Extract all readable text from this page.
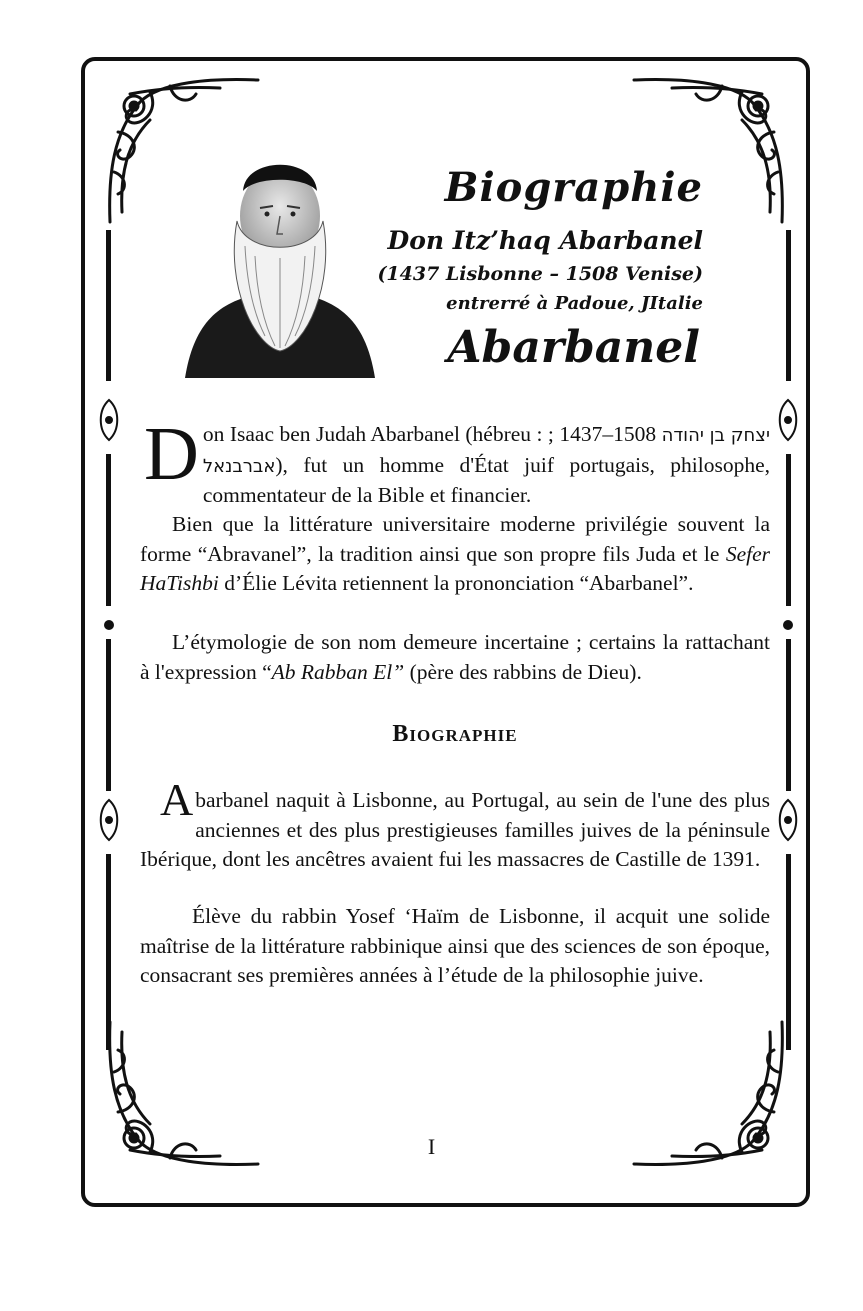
Biographie
Don Itz’haq Abarbanel
(1437 Lisbonne – 1508 Venise)
entrerré à Padoue, JItalie
Abarbanel
D on Isaac ben Judah Abarbanel (hébreu :	יצחק בן יהודה 1508–1437 ; אברבנאל), fut un homme d'État juif portugais, philosophe, commentateur de la Bible et financier.
Bien que la littérature universitaire moderne privilégie souvent la forme “Abravanel”, la tradition ainsi que son propre fils Juda et le Sefer HaTishbi d’Élie Lévita retiennent la prononciation “Abarbanel”.
L’étymologie de son nom demeure incertaine ; certains la rattachant à l'expression “Ab Rabban El” (père des rabbins de Dieu).
Biographie
A barbanel naquit à Lisbonne, au Portugal, au sein de l'une des plus anciennes et des plus prestigieuses familles juives de la péninsule Ibérique, dont les ancêtres avaient fui les massacres de Castille de 1391.
Élève du rabbin Yosef ‘Haïm de Lisbonne, il acquit une solide maîtrise de la littérature rabbinique ainsi que des sciences de son époque, consacrant ses premières années à l’étude de la philosophie juive.
I
